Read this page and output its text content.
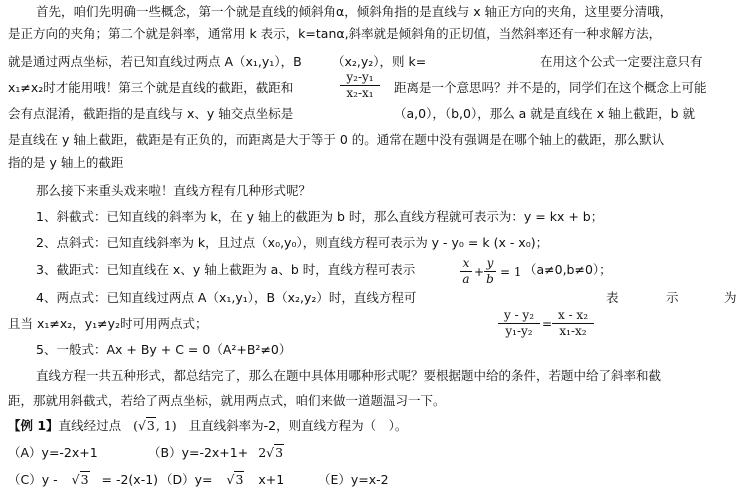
首先，咱们先明确一些概念，第一个就是直线的倾斜角α，倾斜角指的是直线与 x 轴正方向的夹角，这里要分清哦，
是正方向的夹角；第二个就是斜率，通常用 k 表示，k=tanα,斜率就是倾斜角的正切值，当然斜率还有一种求解方法，
就是通过两点坐标，若已知直线过两点 A（x₁,y₁），B （x₂,y₂），则 k=	在用这个公式一定要注意只有
y₂-y₁
x₂-x₁
x₁≠x₂时才能用哦！第三个就是直线的截距，截距和	距离是一个意思吗？并不是的，同学们在这个概念上可能
会有点混淆，截距指的是直线与 x、y 轴交点坐标是	（a,0），（b,0），那么 a 就是直线在 x 轴上截距，b 就
是直线在 y 轴上截距，截距是有正负的，而距离是大于等于 0 的。通常在题中没有强调是在哪个轴上的截距，那么默认
指的是 y 轴上的截距
那么接下来重头戏来啦！直线方程有几种形式呢？
1、斜截式：已知直线的斜率为 k，在 y 轴上的截距为 b 时，那么直线方程就可表示为：y = kx + b；
2、点斜式：已知直线斜率为 k，且过点（x₀,y₀），则直线方程可表示为 y - y₀ = k (x - x₀)；
3、截距式：已知直线在 x、y 轴上截距为 a、b 时，直线方程可表示	x
a +
y
b = 1 （a≠0,b≠0）；
4、两点式：已知直线过两点 A（x₁,y₁），B（x₂,y₂）时，直线方程可	表	示	为
y - y₂
y₁-y₂ =
x - x₂
x₁-x₂
且当 x₁≠x₂，y₁≠y₂时可用两点式；
5、一般式：Ax + By + C = 0（A²+B²≠0）
直线方程一共五种形式，都总结完了，那么在题中具体用哪种形式呢？要根据题中给的条件，若题中给了斜率和截
距，那就用斜截式，若给了两点坐标，就用两点式，咱们来做一道题温习一下。
【例 1】直线经过点 (√3, 1) 且直线斜率为-2，则直线方程为（　）。
（A）y=-2x+1	（B）y=-2x+1+ 2√3
（C）y - √3 = -2(x-1) （D）y= √3 x+1	（E）y=x-2
